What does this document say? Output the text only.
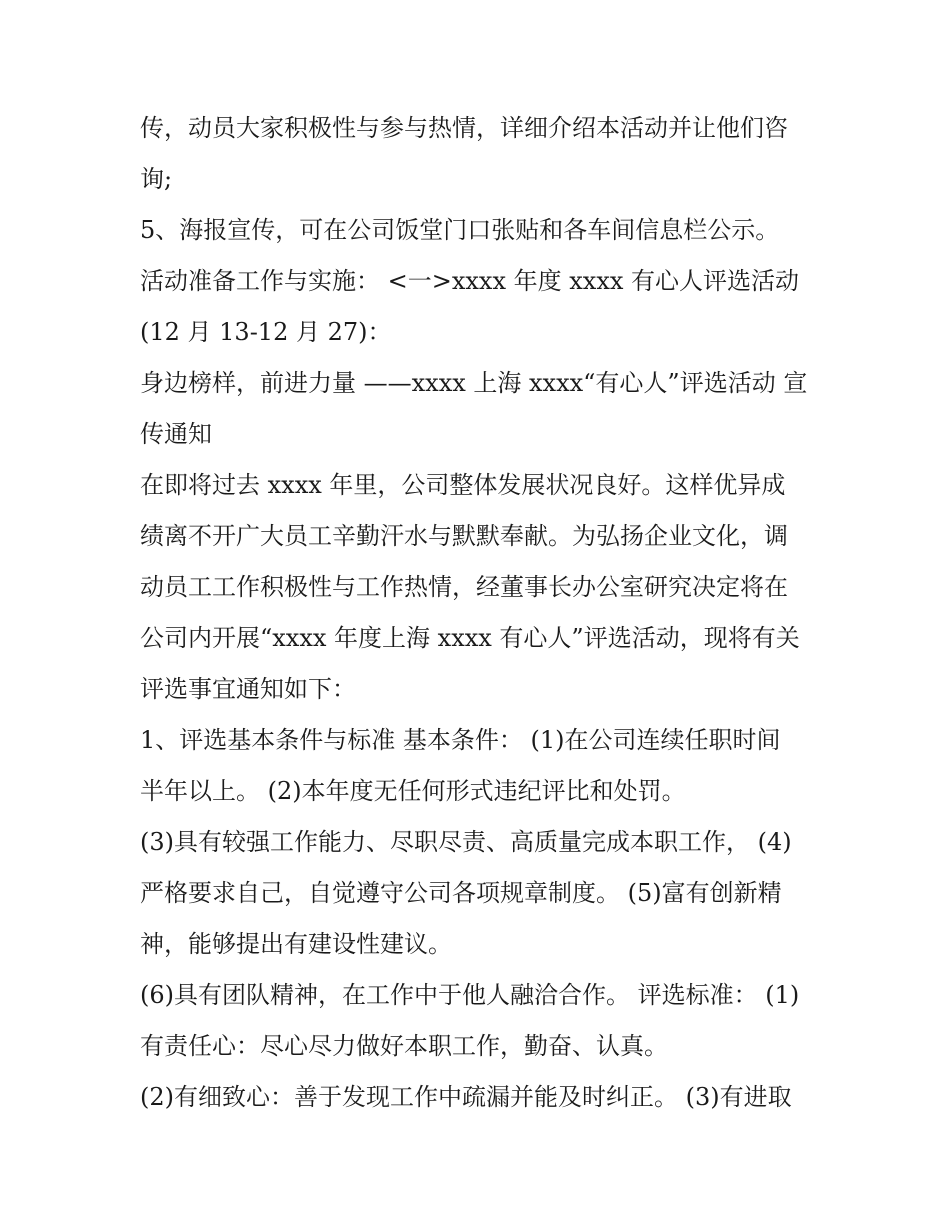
传，动员大家积极性与参与热情，详细介绍本活动并让他们咨
询;
5、海报宣传，可在公司饭堂门口张贴和各车间信息栏公示。
活动准备工作与实施： <一>xxxx 年度 xxxx 有心人评选活动
(12 月 13-12 月 27)：
身边榜样，前进力量 ——xxxx 上海 xxxx“有心人”评选活动 宣
传通知
在即将过去 xxxx 年里，公司整体发展状况良好。这样优异成
绩离不开广大员工辛勤汗水与默默奉献。为弘扬企业文化，调
动员工工作积极性与工作热情，经董事长办公室研究决定将在
公司内开展“xxxx 年度上海 xxxx 有心人”评选活动，现将有关
评选事宜通知如下：
1、评选基本条件与标准 基本条件： (1)在公司连续任职时间
半年以上。 (2)本年度无任何形式违纪评比和处罚。
(3)具有较强工作能力、尽职尽责、高质量完成本职工作， (4)
严格要求自己，自觉遵守公司各项规章制度。 (5)富有创新精
神，能够提出有建设性建议。
(6)具有团队精神，在工作中于他人融洽合作。 评选标准： (1)
有责任心：尽心尽力做好本职工作，勤奋、认真。
(2)有细致心：善于发现工作中疏漏并能及时纠正。 (3)有进取
